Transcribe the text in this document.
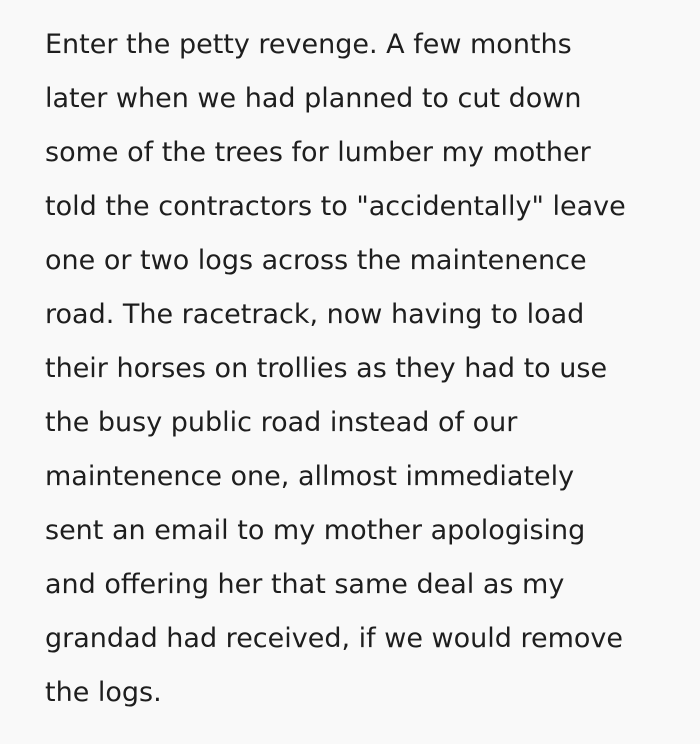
Enter the petty revenge. A few months
later when we had planned to cut down
some of the trees for lumber my mother
told the contractors to "accidentally" leave
one or two logs across the maintenence
road. The racetrack, now having to load
their horses on trollies as they had to use
the busy public road instead of our
maintenence one, allmost immediately
sent an email to my mother apologising
and offering her that same deal as my
grandad had received, if we would remove
the logs.
